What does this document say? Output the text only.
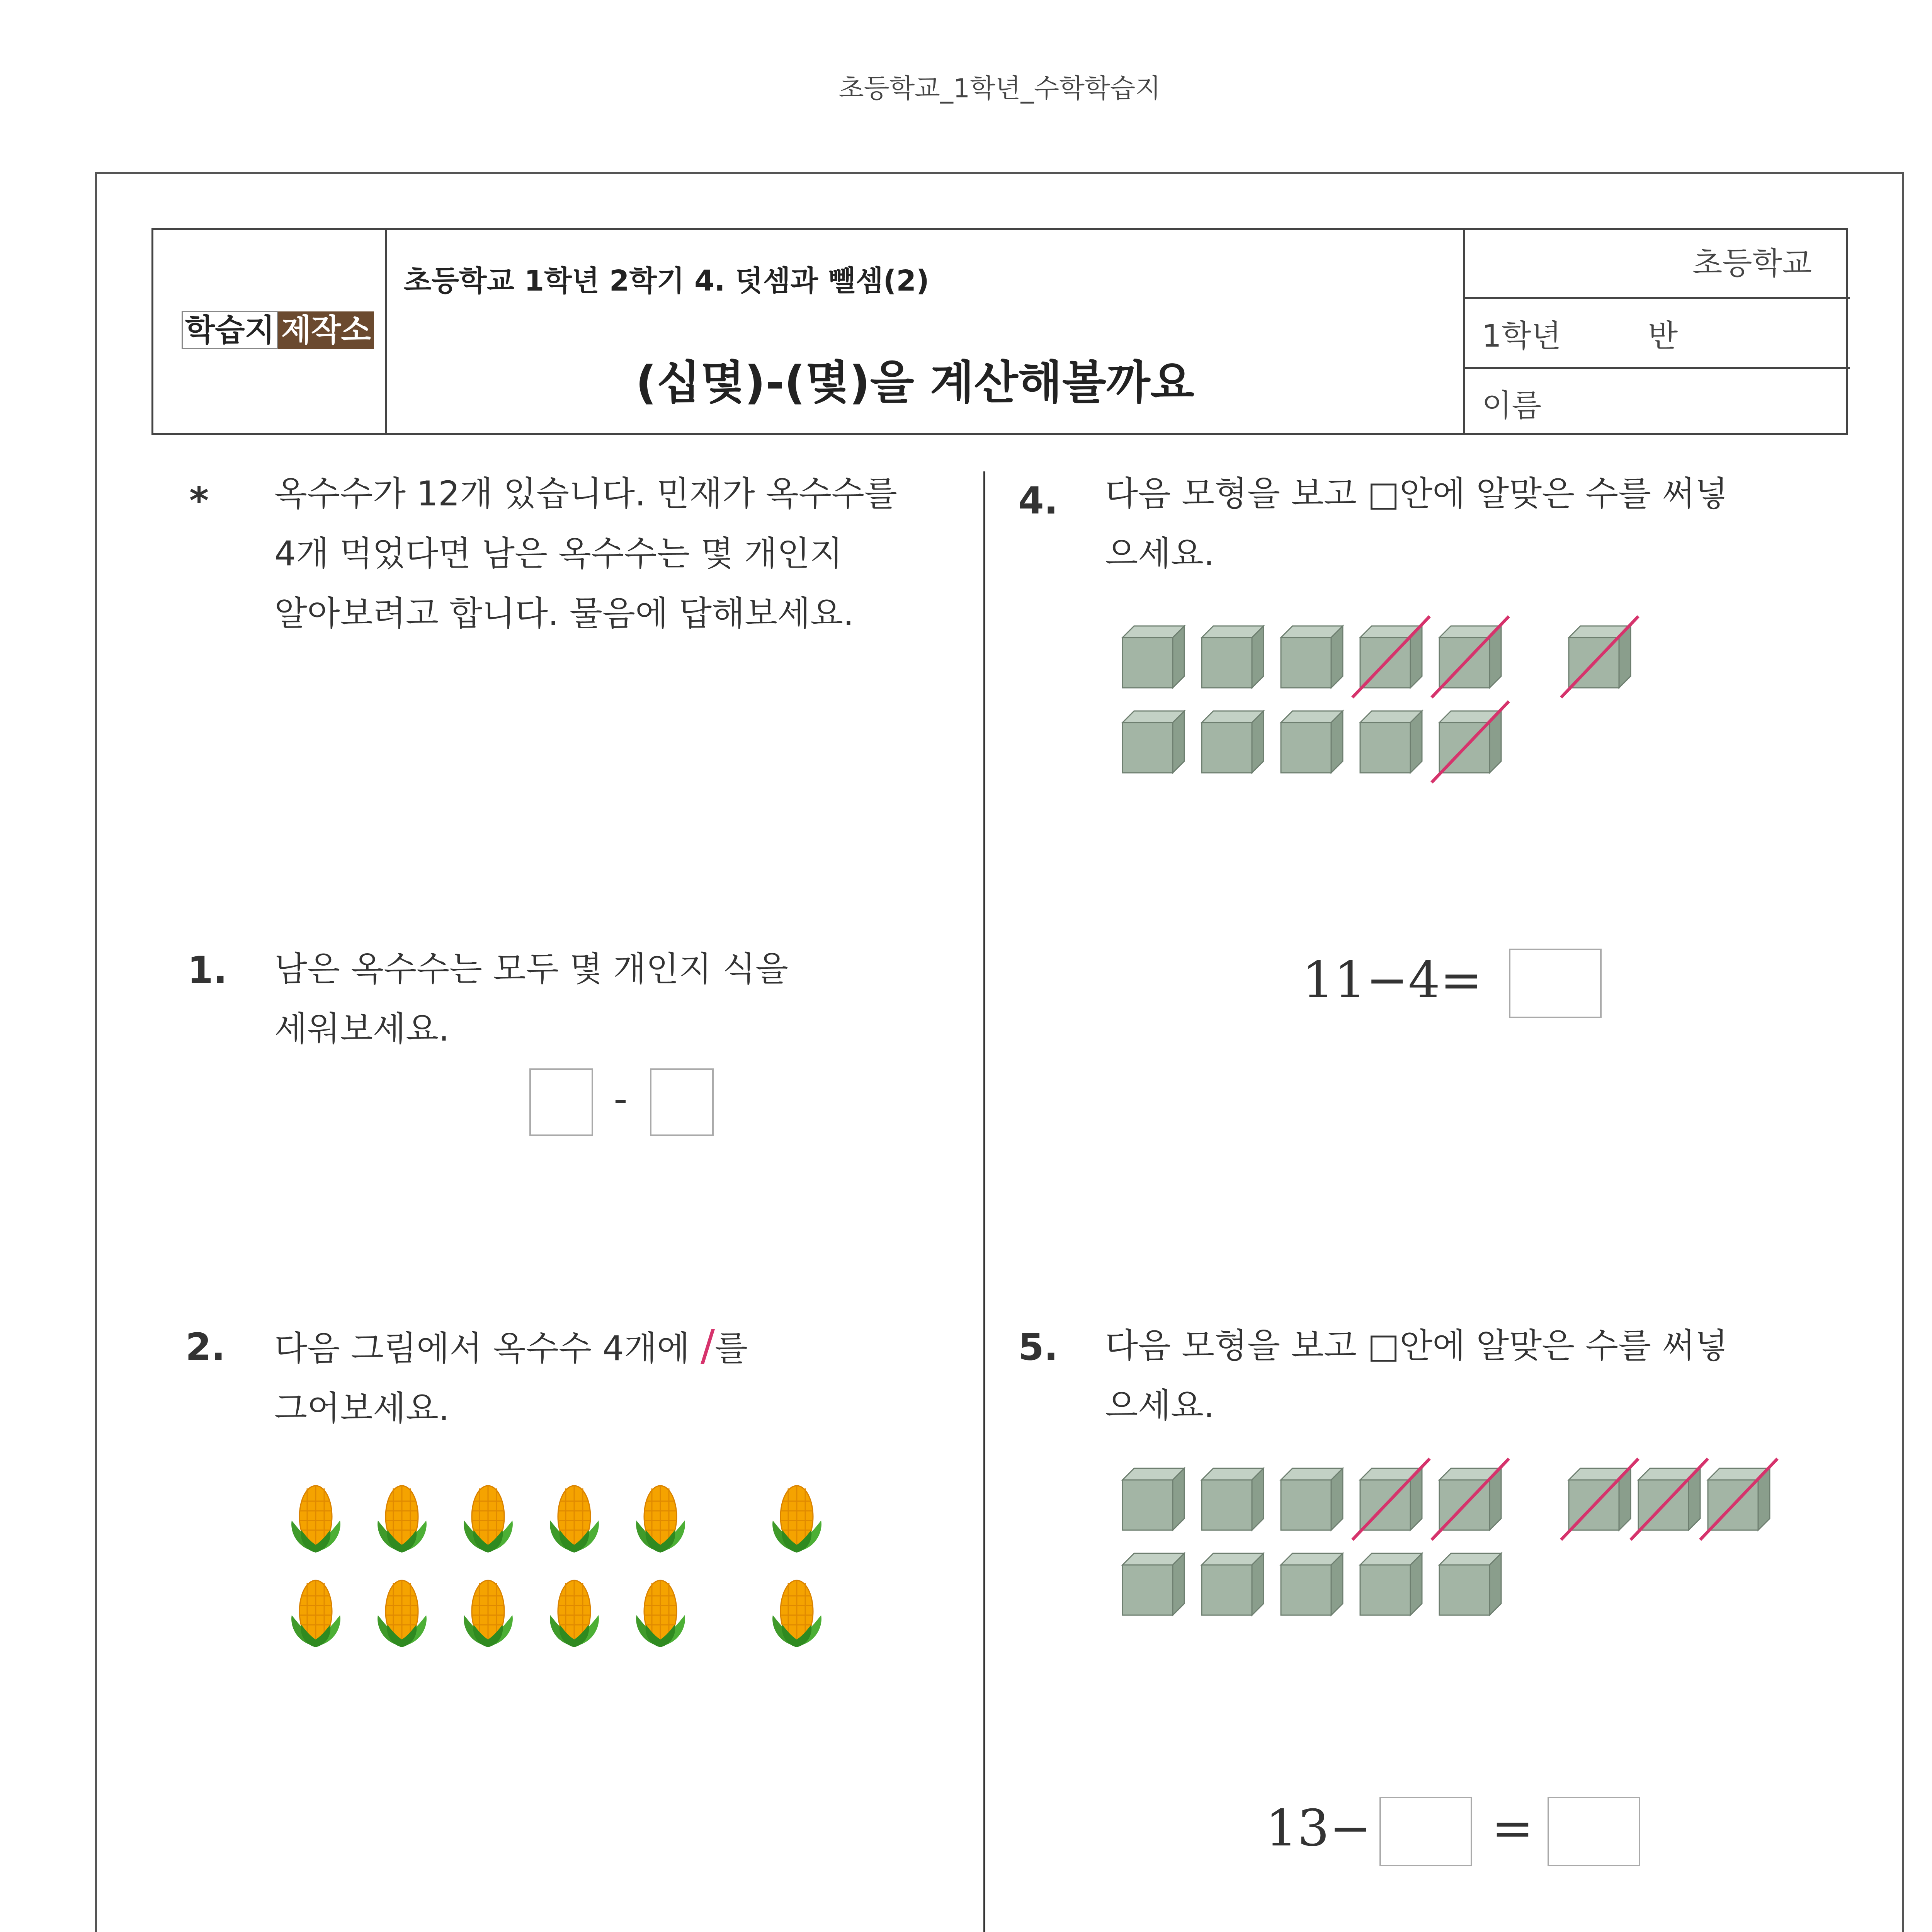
초등학교_1학년_수학학습지
학습지 제작소
초등학교 1학년 2학기 4. 덧셈과 뺄셈(2)
(십몇)-(몇)을 계산해볼까요
초등학교
1학년	반
이름
* 옥수수가 12개 있습니다. 민재가 옥수수를
4개 먹었다면 남은 옥수수는 몇 개인지
알아보려고 합니다. 물음에 답해보세요.
1. 남은 옥수수는 모두 몇 개인지 식을
세워보세요.
-
2. 다음 그림에서 옥수수 4개에 /를
그어보세요.
4. 다음 모형을 보고 □안에 알맞은 수를 써넣
으세요.
11−4=
5. 다음 모형을 보고 □안에 알맞은 수를 써넣
으세요.
13− =
